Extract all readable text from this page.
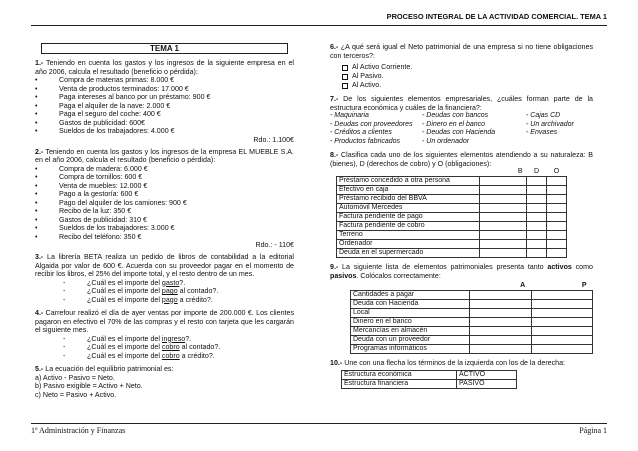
PROCESO INTEGRAL DE LA ACTIVIDAD COMERCIAL. TEMA 1
TEMA 1

1.- Teniendo en cuenta los gastos y los ingresos de la siguiente empresa en el año 2006, calcula el resultado (beneficio o pérdida):

• Compra de materias primas: 8.000 €
• Venta de productos terminados: 17.000 €
• Paga intereses al banco por un préstamo: 900 €
• Paga el alquiler de la nave: 2.000 €
• Paga el seguro del coche: 400 €
• Gastos de publicidad: 600€
• Sueldos de los trabajadores: 4.000 €
Rdo.: 1.100€

2.- Teniendo en cuenta los gastos y los ingresos de la empresa EL MUEBLE S.A. en el año 2006, calcula el resultado (beneficio o pérdida):

• Compra de madera: 6.000 €
• Compra de tornillos: 600 €
• Venta de muebles: 12.000 €
• Pago a la gestoría: 600 €
• Pago del alquiler de los camiones: 900 €
• Recibo de la luz: 350 €
• Gastos de publicidad: 310 €
• Sueldos de los trabajadores: 3.000 €
• Recibo del teléfono: 350 €
Rdo.: - 110€

3.- La librería BETA realiza un pedido de libros de contabilidad a la editorial Algaida por valor de 600 €. Acuerda con su proveedor pagar en el momento de recibir los libros, el 25% del importe total, y el resto dentro de un mes.

- ¿Cuál es el importe del gasto?.
- ¿Cuál es el importe del pago al contado?.
- ¿Cuál es el importe del pago a crédito?.

4.- Carrefour realizó el día de ayer ventas por importe de 200.000 €. Los clientes pagaron en efectivo el 70% de las compras y el resto con tarjeta que les cargarán el siguiente mes.

- ¿Cuál es el importe del ingreso?.
- ¿Cuál es el importe del cobro al contado?.
- ¿Cuál es el importe del cobro a crédito?.

5.- La ecuación del equilibrio patrimonial es:

a) Activo - Pasivo = Neto.

b) Pasivo exigible = Activo + Neto.

c) Neto = Pasivo + Activo.

6.- ¿A qué será igual el Neto patrimonial de una empresa si no tiene obligaciones con terceros?:

Al Activo Corriente.
Al Pasivo.
Al Activo.

7.- De los siguientes elementos empresariales, ¿cuáles forman parte de la estructura económica y cuáles de la financiera?:

- Maquinaria	- Deudas con bancos	- Cajas CD
- Deudas con proveedores	- Dinero en el banco	- Un archivador
- Créditos a clientes	- Deudas con Hacienda	- Envases
- Productos fabricados	- Un ordenador	

8.- Clasifica cada uno de los siguientes elementos atendiendo a su naturaleza: B (bienes), D (derechos de cobro) y O (obligaciones):

	B	D	O
Préstamo concedido a otra persona			
Efectivo en caja			
Préstamo recibido del BBVA			
Automóvil Mercedes			
Factura pendiente de pago			
Factura pendiente de cobro			
Terreno			
Ordenador			
Deuda en el supermercado			

9.- La siguiente lista de elementos patrimoniales presenta tanto activos como pasivos. Colócalos correctamente:

	A	P
Cantidades a pagar		
Deuda con Hacienda		
Local		
Dinero en el banco		
Mercancías en almacén		
Deuda con un proveedor		
Programas informáticos		

10.- Une con una flecha los términos de la izquierda con los de la derecha:

Estructura económica	ACTIVO
Estructura financiera	PASIVO
1º Administración y Finanzas	Página 1
